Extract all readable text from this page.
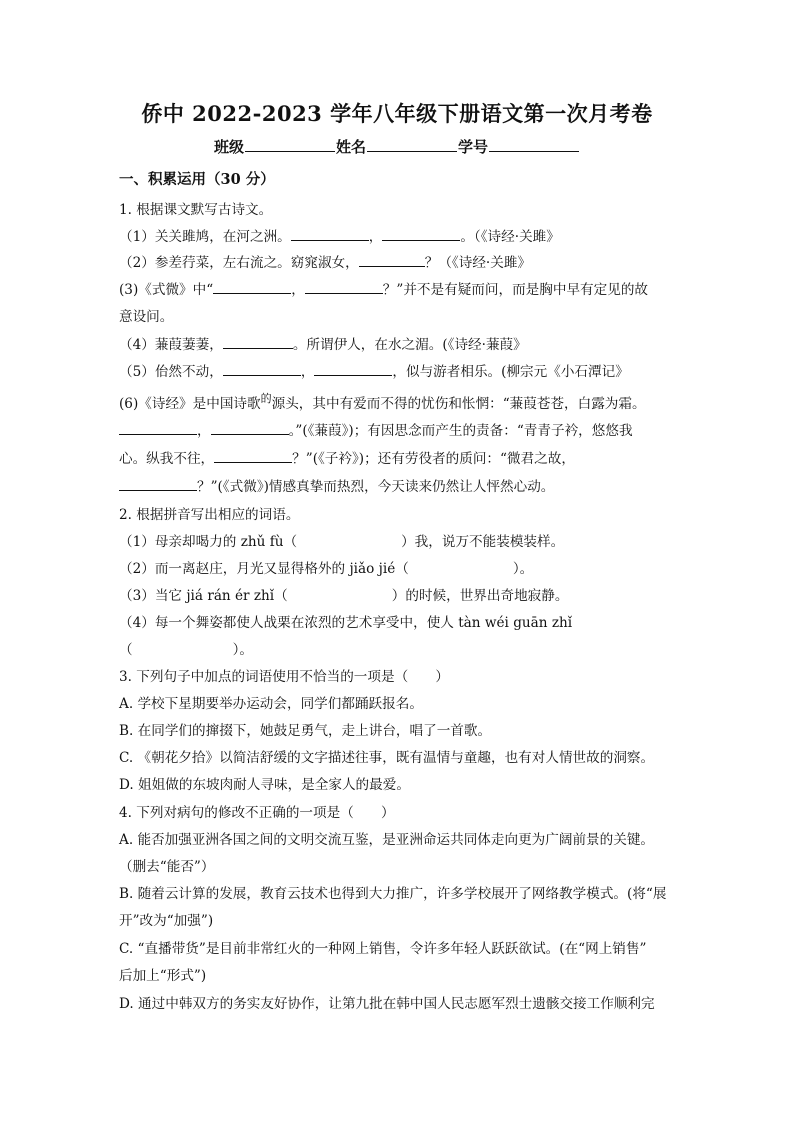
侨中 2022-2023 学年八年级下册语文第一次月考卷
班级	姓名	学号
一、积累运用（30 分）
1. 根据课文默写古诗文。
（1）关关雎鸠，在河之洲。	，	。（《诗经·关雎》
（2）参差荇菜，左右流之。窈窕淑女，	？（《诗经·关雎》
(3)《式微》中“	，	？”并不是有疑而问，而是胸中早有定见的故
意设问。
（4）蒹葭萋萋，	。所谓伊人，在水之湄。(《诗经·蒹葭》
（5）佁然不动，	，	，似与游者相乐。(柳宗元《小石潭记》
(6)《诗经》是中国诗歌$^的$源头，其中有爱而不得的忧伤和怅惘：“蒹葭苍苍，白露为霜。
，	。”(《蒹葭》)；有因思念而产生的责备：“青青子衿，悠悠我
心。纵我不往，	？”(《子衿》)；还有劳役者的质问：“微君之故，
？”(《式微》)情感真挚而热烈，今天读来仍然让人怦然心动。
2. 根据拼音写出相应的词语。
（1）母亲却喝力的 zhǔ fù（	）我，说万不能装模装样。
（2）而一离赵庄，月光又显得格外的 jiǎo jié（	）。
（3）当它 jiá rán ér zhǐ（	）的时候，世界出奇地寂静。
（4）每一个舞姿都使人战栗在浓烈的艺术享受中，使人 tàn wéi guān zhǐ
（	）。
3. 下列句子中加点的词语使用不恰当的一项是（　　）
A. 学校下星期要举办运动会，同学们都踊跃报名。
B. 在同学们的撺掇下，她鼓足勇气，走上讲台，唱了一首歌。
C. 《朝花夕拾》以简洁舒缓的文字描述往事，既有温情与童趣，也有对人情世故的洞察。
D. 姐姐做的东坡肉耐人寻味，是全家人的最爱。
4. 下列对病句的修改不正确的一项是（　　）
A. 能否加强亚洲各国之间的文明交流互鉴，是亚洲命运共同体走向更为广阔前景的关键。
（删去“能否”）
B. 随着云计算的发展，教育云技术也得到大力推广，许多学校展开了网络教学模式。(将“展
开”改为“加强”)
C. “直播带货”是目前非常红火的一种网上销售，令许多年轻人跃跃欲试。(在“网上销售”
后加上“形式”)
D. 通过中韩双方的务实友好协作，让第九批在韩中国人民志愿军烈士遗骸交接工作顺利完
